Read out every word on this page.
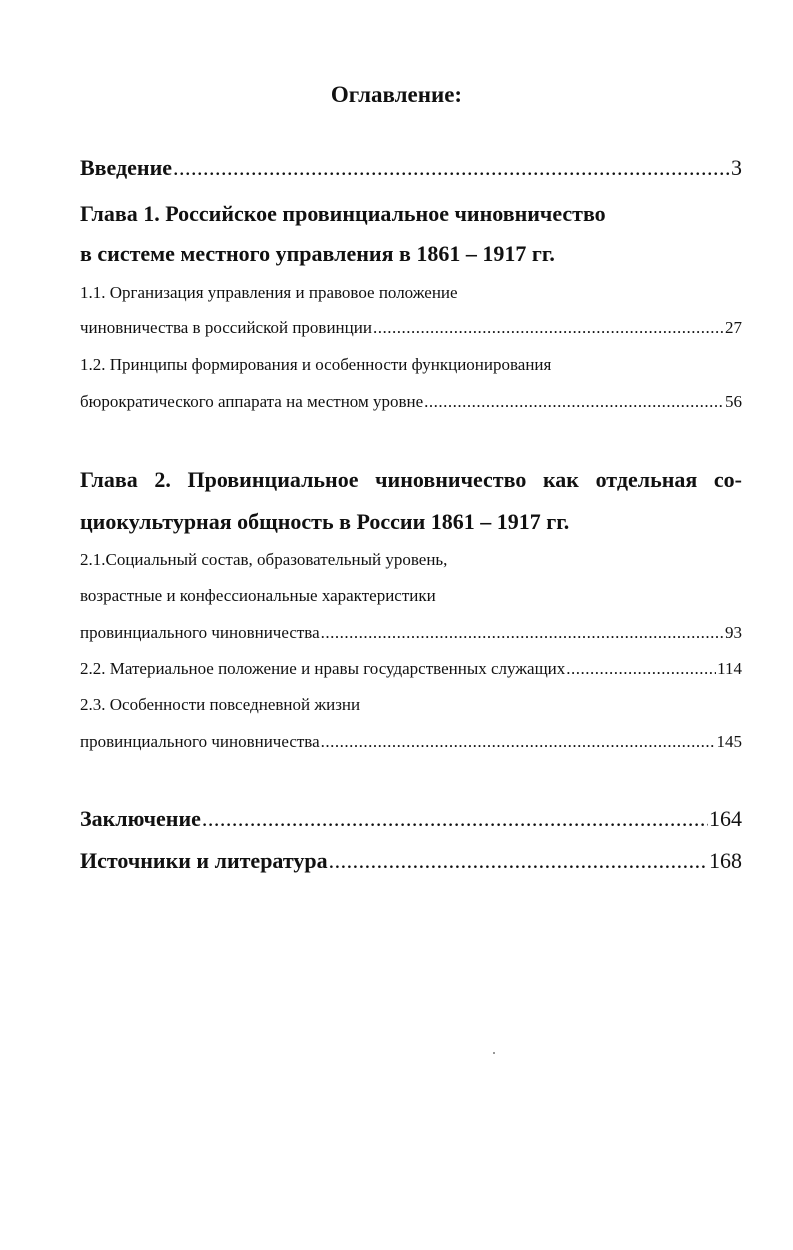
Оглавление:
Введение .....	3
Глава 1. Российское провинциальное чиновничество
в системе местного управления в 1861 – 1917 гг.
1.1. Организация управления и правовое положение
чиновничества в российской провинции .....	27
1.2. Принципы формирования и особенности функционирования
бюрократического аппарата на местном уровне .....	56
Глава 2. Провинциальное чиновничество как отдельная со-
циокультурная общность в России 1861 – 1917 гг.
2.1.Социальный состав, образовательный уровень,
возрастные и конфессиональные характеристики
провинциального чиновничества .....	93
2.2. Материальное положение и нравы государственных служащих .....	114
2.3. Особенности повседневной жизни
провинциального чиновничества .....	145
Заключение .....	164
Источники и литература .....	168
